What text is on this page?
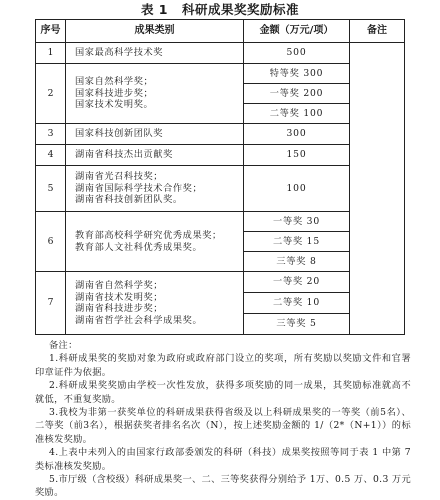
表 1 科研成果奖奖励标准
序号	成果类别	金额（万元/项）	备注
1	国家最高科学技术奖	500	
2	国家自然科学奖；
国家科技进步奖；
国家技术发明奖。	特等奖 300	
		一等奖 200	
		二等奖 100	
3	国家科技创新团队奖	300	
4	湖南省科技杰出贡献奖	150	
5	湖南省光召科技奖；
湖南省国际科学技术合作奖；
湖南省科技创新团队奖。	100	
6	教育部高校科学研究优秀成果奖；
教育部人文社科优秀成果奖。	一等奖 30	
		二等奖 15	
		三等奖 8	
7	湖南省自然科学奖；
湖南省技术发明奖；
湖南省科技进步奖；
湖南省哲学社会科学成果奖。	一等奖 20	
		二等奖 10	
		三等奖 5	
备注：
1.科研成果奖的奖励对象为政府或政府部门设立的奖项，所有奖励以奖励文件和官署印章证件为依据。
2.科研成果奖奖励由学校一次性发放，获得多项奖励的同一成果，其奖励标准就高不就低，不重复奖励。
3.我校为非第一获奖单位的科研成果获得省级及以上科研成果奖的一等奖（前5名）、二等奖（前3名），根据获奖者排名名次（N），按上述奖励金额的 1/（2*（N+1））的标准核发奖励。
4.上表中未列入的由国家行政部委颁发的科研（科技）成果奖按照等同于表 1 中第 7 类标准核发奖励。
5.市厅级（含校级）科研成果奖一、二、三等奖获得分别给予 1万、0.5 万、0.3 万元奖励。
